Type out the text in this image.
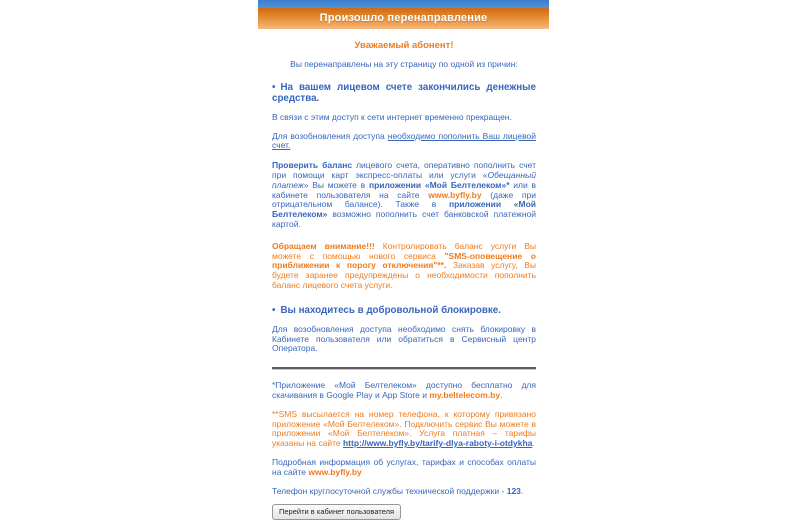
Произошло перенаправление

Уважаемый абонент!

Вы перенаправлены на эту страницу по одной из причин:

• На вашем лицевом счете закончились денежные средства.

В связи с этим доступ к сети интернет временно прекращен.

Для возобновления доступа необходимо пополнить Ваш лицевой счет.

Проверить баланс лицевого счета, оперативно пополнить счет при помощи карт экспресс-оплаты или услуги «Обещанный платеж» Вы можете в приложении «Мой Белтелеком»* или в кабинете пользователя на сайте www.byfly.by (даже при отрицательном балансе). Также в приложении «Мой Белтелеком» возможно пополнить счет банковской платежной картой.

Обращаем внимание!!! Контролировать баланс услуги Вы можете с помощью нового сервиса "SMS-оповещение о приближении к порогу отключения"**. Заказав услугу, Вы будете заранее предупреждены о необходимости пополнить баланс лицевого счета услуги.

• Вы находитесь в добровольной блокировке.

Для возобновления доступа необходимо снять блокировку в Кабинете пользователя или обратиться в Сервисный центр Оператора.

*Приложение «Мой Белтелеком» доступно бесплатно для скачивания в Google Play и App Store и my.beltelecom.by.

**SMS высылается на номер телефона, к которому привязано приложение «Мой Белтелеком». Подключить сервис Вы можете в приложении «Мой Белтелеком». Услуга платная – тарифы указаны на сайте http://www.byfly.by/tarify-dlya-raboty-i-otdykha.

Подробная информация об услугах, тарифах и способах оплаты на сайте www.byfly.by

Телефон круглосуточной службы технической поддержки - 123.

Перейти в кабинет пользователя
